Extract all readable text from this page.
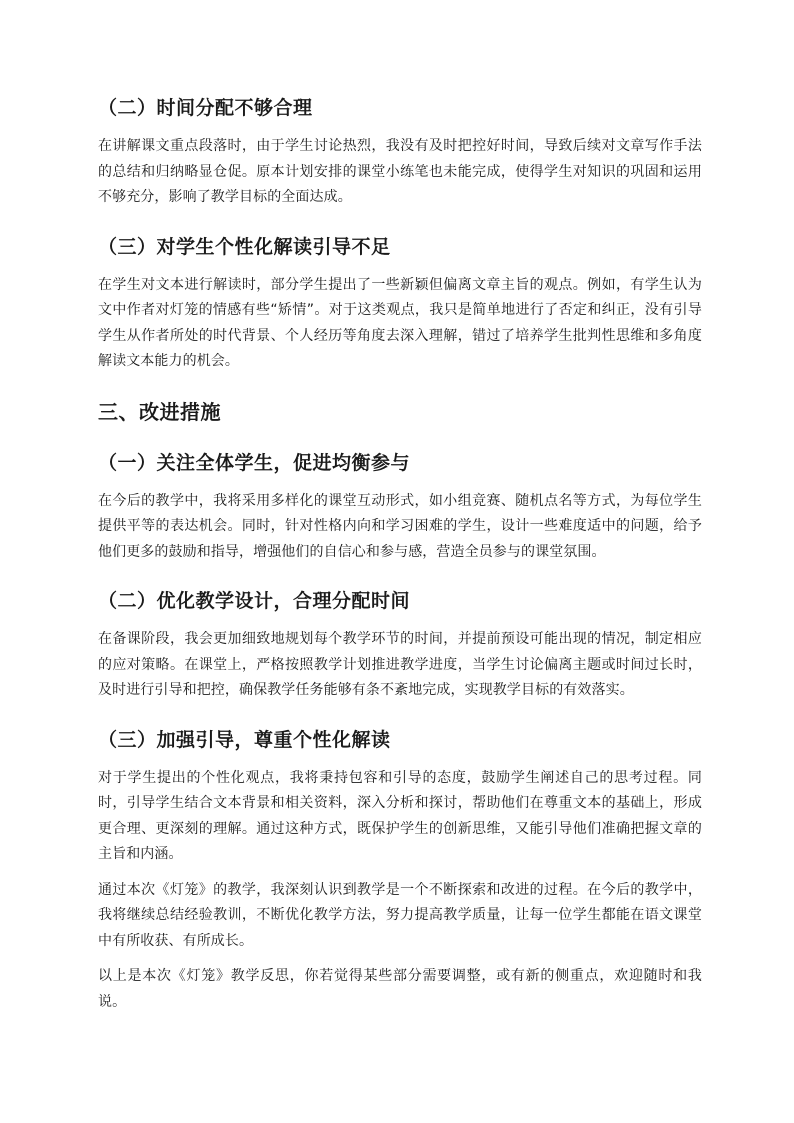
（二）时间分配不够合理

在讲解课文重点段落时，由于学生讨论热烈，我没有及时把控好时间，导致后续对文章写作手法的总结和归纳略显仓促。原本计划安排的课堂小练笔也未能完成，使得学生对知识的巩固和运用不够充分，影响了教学目标的全面达成。

（三）对学生个性化解读引导不足

在学生对文本进行解读时，部分学生提出了一些新颖但偏离文章主旨的观点。例如，有学生认为文中作者对灯笼的情感有些“矫情”。对于这类观点，我只是简单地进行了否定和纠正，没有引导学生从作者所处的时代背景、个人经历等角度去深入理解，错过了培养学生批判性思维和多角度解读文本能力的机会。

三、改进措施
（一）关注全体学生，促进均衡参与

在今后的教学中，我将采用多样化的课堂互动形式，如小组竞赛、随机点名等方式，为每位学生提供平等的表达机会。同时，针对性格内向和学习困难的学生，设计一些难度适中的问题，给予他们更多的鼓励和指导，增强他们的自信心和参与感，营造全员参与的课堂氛围。

（二）优化教学设计，合理分配时间

在备课阶段，我会更加细致地规划每个教学环节的时间，并提前预设可能出现的情况，制定相应的应对策略。在课堂上，严格按照教学计划推进教学进度，当学生讨论偏离主题或时间过长时，及时进行引导和把控，确保教学任务能够有条不紊地完成，实现教学目标的有效落实。

（三）加强引导，尊重个性化解读

对于学生提出的个性化观点，我将秉持包容和引导的态度，鼓励学生阐述自己的思考过程。同时，引导学生结合文本背景和相关资料，深入分析和探讨，帮助他们在尊重文本的基础上，形成更合理、更深刻的理解。通过这种方式，既保护学生的创新思维，又能引导他们准确把握文章的主旨和内涵。

通过本次《灯笼》的教学，我深刻认识到教学是一个不断探索和改进的过程。在今后的教学中，我将继续总结经验教训，不断优化教学方法，努力提高教学质量，让每一位学生都能在语文课堂中有所收获、有所成长。

以上是本次《灯笼》教学反思，你若觉得某些部分需要调整，或有新的侧重点，欢迎随时和我说。
